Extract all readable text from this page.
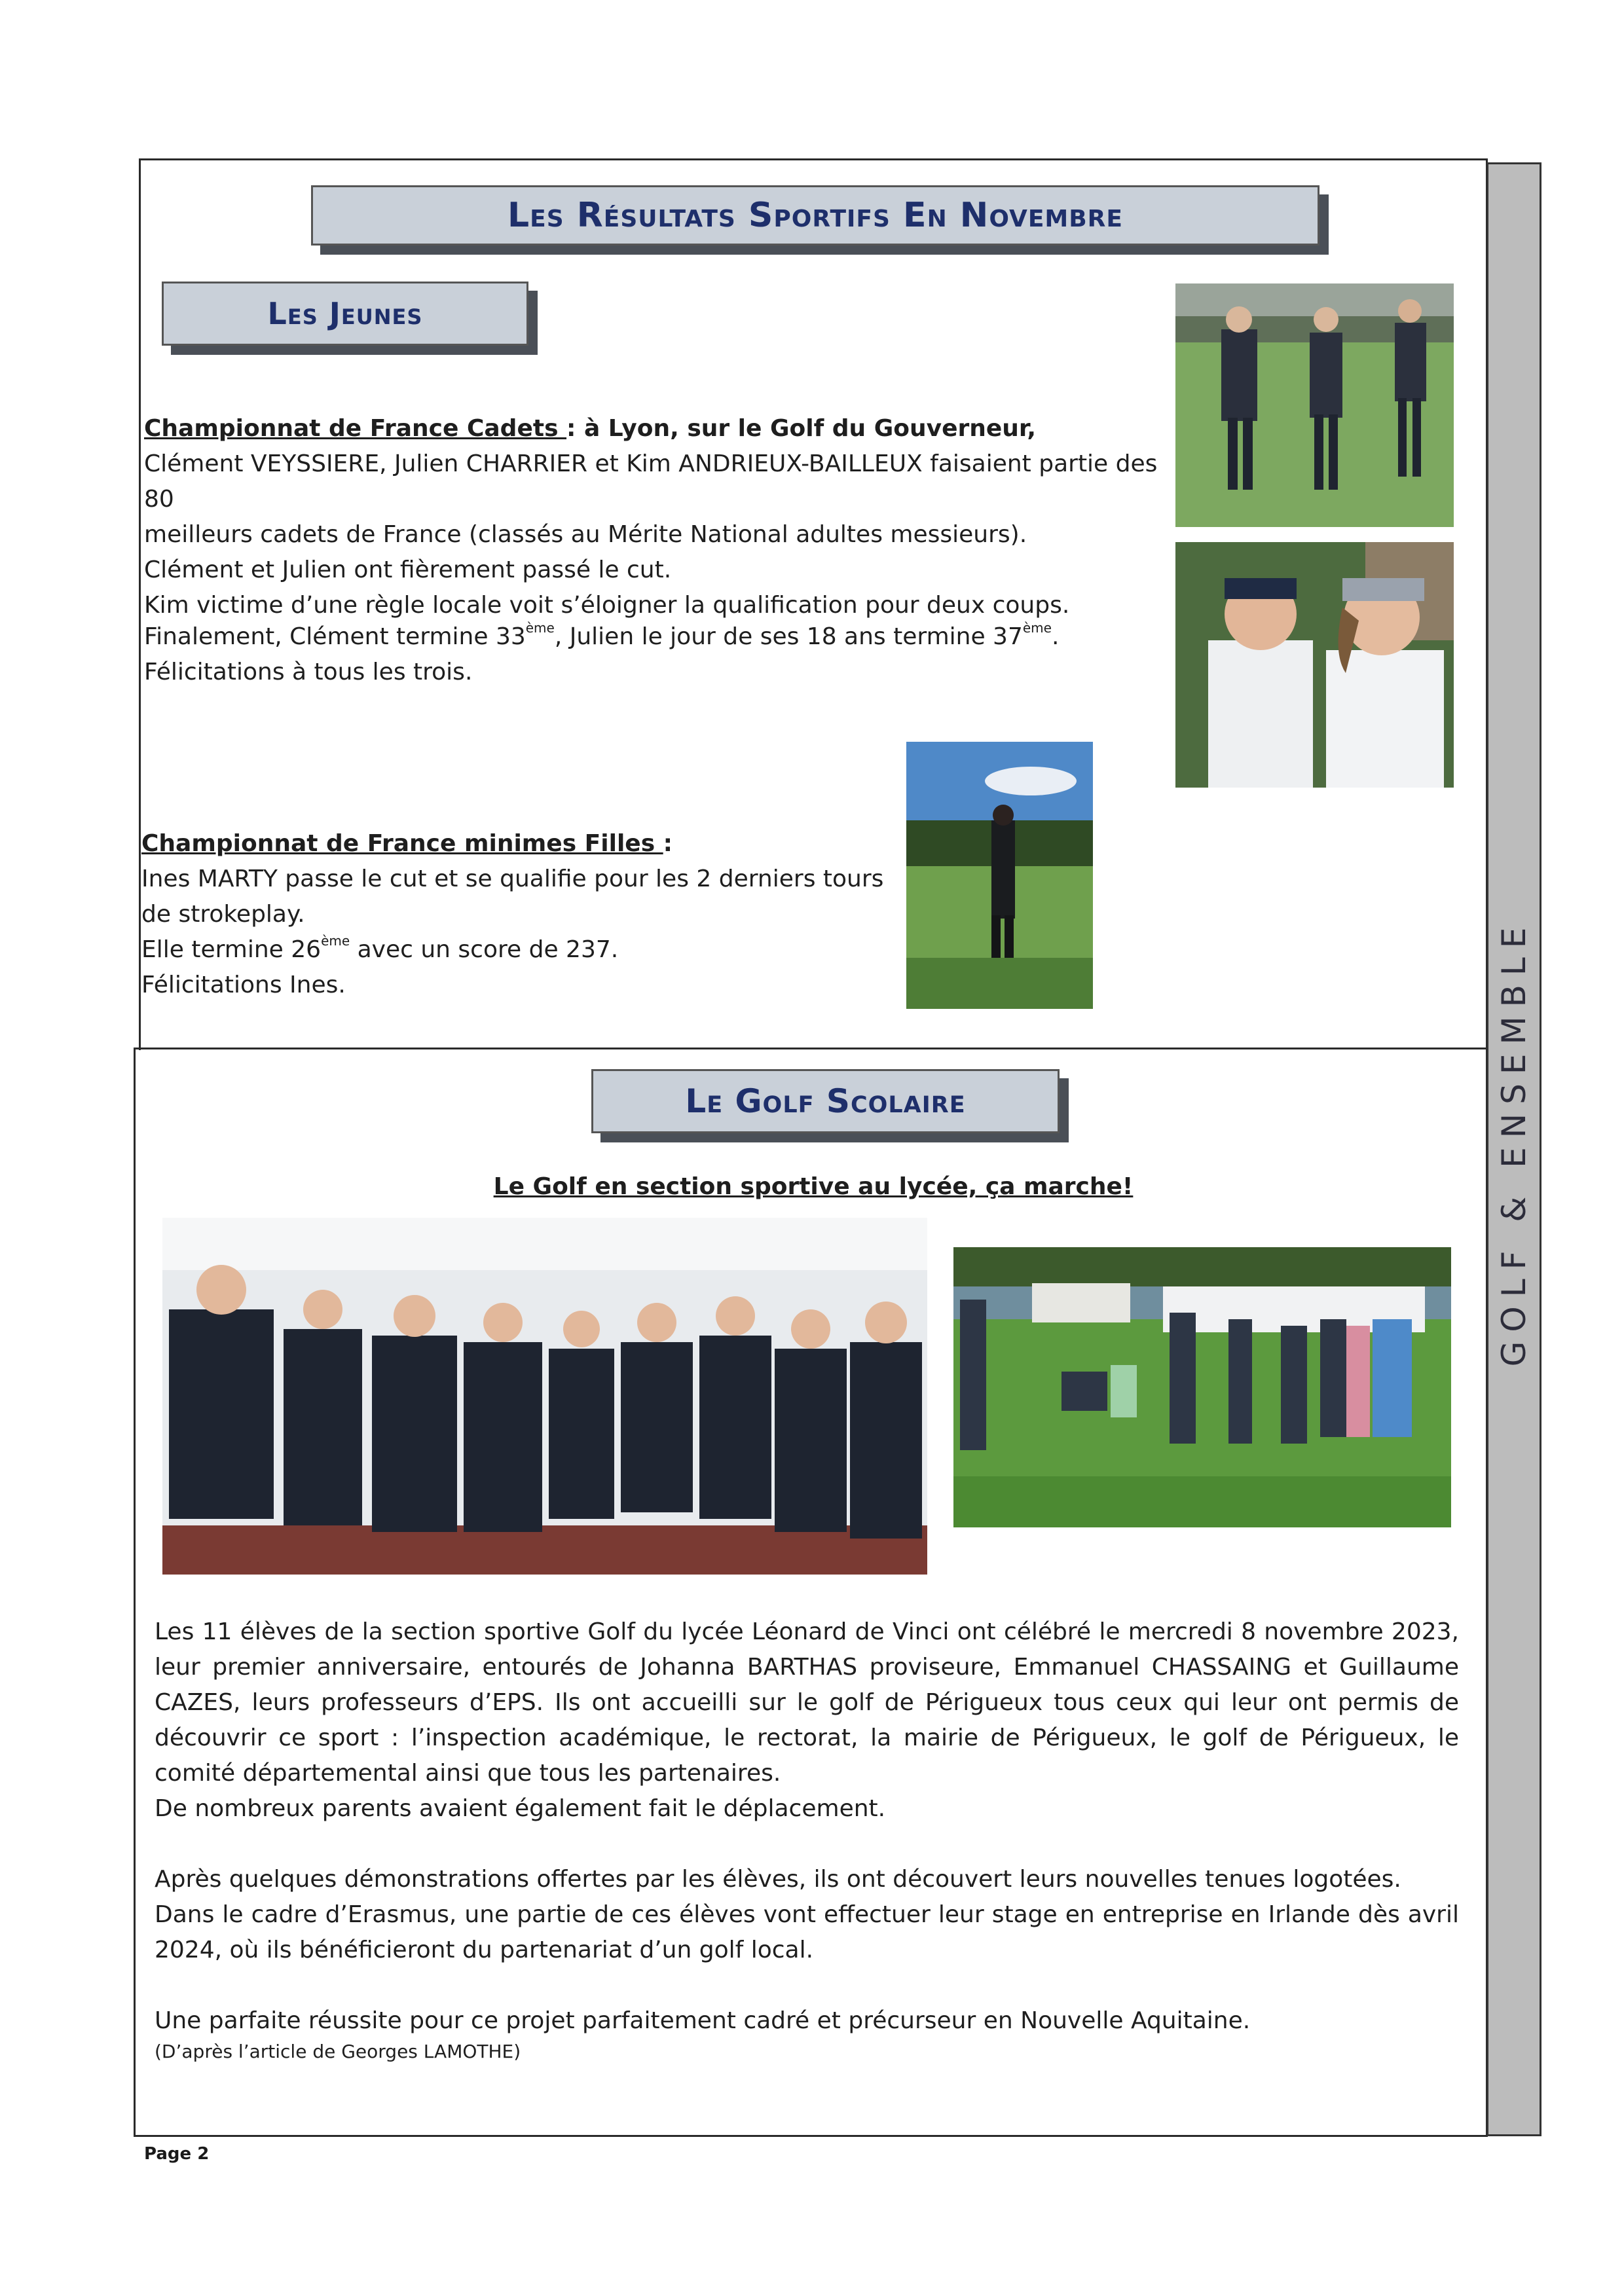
GOLF & ENSEMBLE
Les Résultats Sportifs En Novembre
Les Jeunes

Championnat de France Cadets : à Lyon, sur le Golf du Gouverneur,

Clément VEYSSIERE, Julien CHARRIER et Kim ANDRIEUX-BAILLEUX faisaient partie des 80

meilleurs cadets de France (classés au Mérite National adultes messieurs).

Clément et Julien ont fièrement passé le cut.

Kim victime d’une règle locale voit s’éloigner la qualification pour deux coups.

Finalement, Clément termine 33ème, Julien le jour de ses 18 ans termine 37ème.

Félicitations à tous les trois.

Championnat de France minimes Filles :

Ines MARTY passe le cut et se qualifie pour les 2 derniers tours

de strokeplay.

Elle termine 26ème avec un score de 237.

Félicitations Ines.

Le Golf Scolaire
Le Golf en section sportive au lycée, ça marche!

Les 11 élèves de la section sportive Golf du lycée Léonard de Vinci ont célébré le mercredi 8 novembre 2023, leur premier anniversaire, entourés de Johanna BARTHAS proviseure, Emmanuel CHASSAING et Guillaume CAZES, leurs professeurs d’EPS. Ils ont accueilli sur le golf de Périgueux tous ceux qui leur ont permis de découvrir ce sport : l’inspection académique, le rectorat, la mairie de Périgueux, le golf de Périgueux, le comité départemental ainsi que tous les partenaires.

De nombreux parents avaient également fait le déplacement.

Après quelques démonstrations offertes par les élèves, ils ont découvert leurs nouvelles tenues logotées.

Dans le cadre d’Erasmus, une partie de ces élèves vont effectuer leur stage en entreprise en Irlande dès avril 2024, où ils bénéficieront du partenariat d’un golf local.

Une parfaite réussite pour ce projet parfaitement cadré et précurseur en Nouvelle Aquitaine.

(D’après l’article de Georges LAMOTHE)

Page 2
